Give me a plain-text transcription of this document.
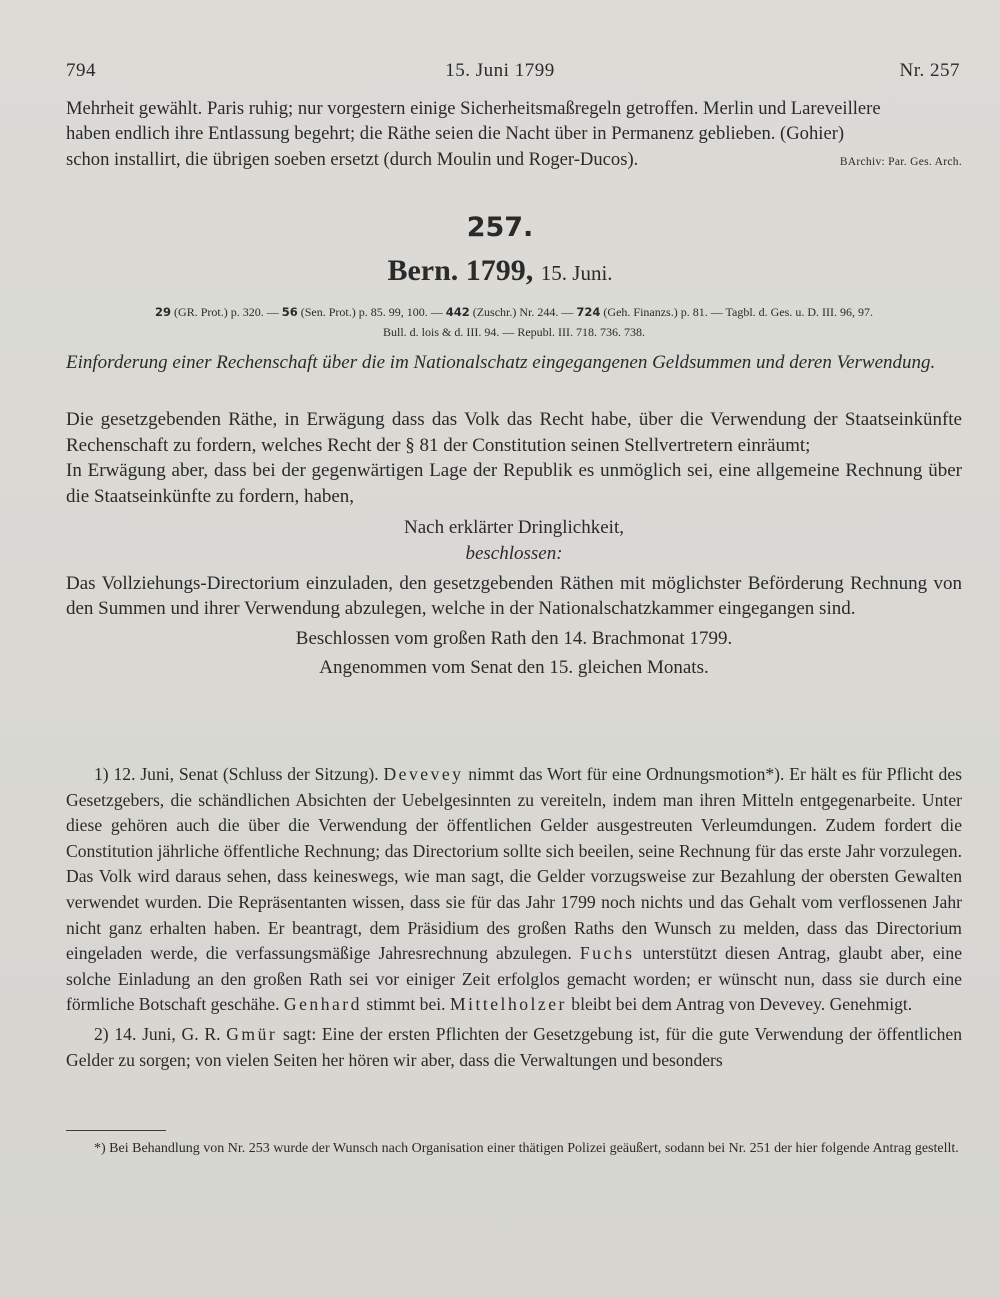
794	15. Juni 1799	Nr. 257
Mehrheit gewählt. Paris ruhig; nur vorgestern einige Sicherheitsmaßregeln getroffen. Merlin und Lareveillere
haben endlich ihre Entlassung begehrt; die Räthe seien die Nacht über in Permanenz geblieben. (Gohier)
schon installirt, die übrigen soeben ersetzt (durch Moulin und Roger-Ducos).	BArchiv: Par. Ges. Arch.
257.
Bern. 1799, 15. Juni.
29 (GR. Prot.) p. 320. — 56 (Sen. Prot.) p. 85. 99, 100. — 442 (Zuschr.) Nr. 244. — 724 (Geh. Finanzs.) p. 81. — Tagbl. d. Ges. u. D. III. 96, 97.
Bull. d. lois & d. III. 94. — Republ. III. 718. 736. 738.
Einforderung einer Rechenschaft über die im Nationalschatz eingegangenen Geldsummen und deren Verwendung.
Die gesetzgebenden Räthe, in Erwägung dass das Volk das Recht habe, über die Verwendung der Staatseinkünfte Rechenschaft zu fordern, welches Recht der § 81 der Constitution seinen Stellvertretern einräumt;
In Erwägung aber, dass bei der gegenwärtigen Lage der Republik es unmöglich sei, eine allgemeine Rechnung über die Staatseinkünfte zu fordern, haben,
Nach erklärter Dringlichkeit,
beschlossen:
Das Vollziehungs-Directorium einzuladen, den gesetzgebenden Räthen mit möglichster Beförderung Rechnung von den Summen und ihrer Verwendung abzulegen, welche in der Nationalschatzkammer eingegangen sind.
Beschlossen vom großen Rath den 14. Brachmonat 1799.
Angenommen vom Senat den 15. gleichen Monats.
1) 12. Juni, Senat (Schluss der Sitzung). Devevey nimmt das Wort für eine Ordnungsmotion*). Er hält es für Pflicht des Gesetzgebers, die schändlichen Absichten der Uebelgesinnten zu vereiteln, indem man ihren Mitteln entgegenarbeite. Unter diese gehören auch die über die Verwendung der öffentlichen Gelder ausgestreuten Verleumdungen. Zudem fordert die Constitution jährliche öffentliche Rechnung; das Directorium sollte sich beeilen, seine Rechnung für das erste Jahr vorzulegen. Das Volk wird daraus sehen, dass keineswegs, wie man sagt, die Gelder vorzugsweise zur Bezahlung der obersten Gewalten verwendet wurden. Die Repräsentanten wissen, dass sie für das Jahr 1799 noch nichts und das Gehalt vom verflossenen Jahr nicht ganz erhalten haben. Er beantragt, dem Präsidium des großen Raths den Wunsch zu melden, dass das Directorium eingeladen werde, die verfassungsmäßige Jahresrechnung abzulegen. Fuchs unterstützt diesen Antrag, glaubt aber, eine solche Einladung an den großen Rath sei vor einiger Zeit erfolglos gemacht worden; er wünscht nun, dass sie durch eine förmliche Botschaft geschähe. Genhard stimmt bei. Mittelholzer bleibt bei dem Antrag von Devevey. Genehmigt.
2) 14. Juni, G. R. Gmür sagt: Eine der ersten Pflichten der Gesetzgebung ist, für die gute Verwendung der öffentlichen Gelder zu sorgen; von vielen Seiten her hören wir aber, dass die Verwaltungen und besonders
*) Bei Behandlung von Nr. 253 wurde der Wunsch nach Organisation einer thätigen Polizei geäußert, sodann bei Nr. 251 der hier folgende Antrag gestellt.
